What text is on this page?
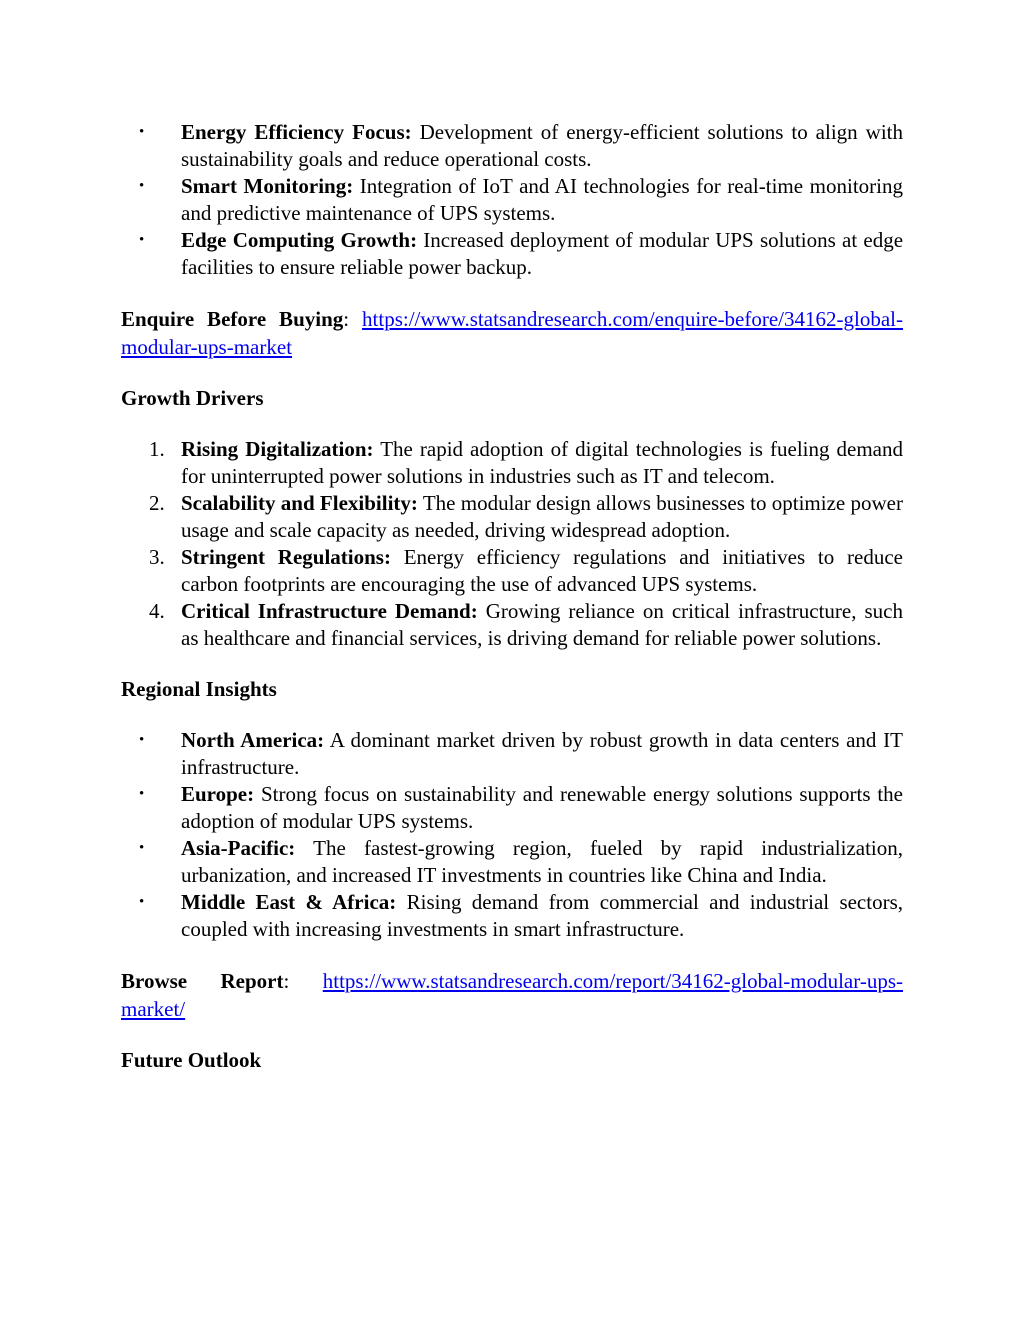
• Energy Efficiency Focus: Development of energy-efficient solutions to align with sustainability goals and reduce operational costs.
• Smart Monitoring: Integration of IoT and AI technologies for real-time monitoring and predictive maintenance of UPS systems.
• Edge Computing Growth: Increased deployment of modular UPS solutions at edge facilities to ensure reliable power backup.

Enquire Before Buying: https://www.statsandresearch.com/enquire-before/34162-global-modular-ups-market

Growth Drivers
1. Rising Digitalization: The rapid adoption of digital technologies is fueling demand for uninterrupted power solutions in industries such as IT and telecom.
2. Scalability and Flexibility: The modular design allows businesses to optimize power usage and scale capacity as needed, driving widespread adoption.
3. Stringent Regulations: Energy efficiency regulations and initiatives to reduce carbon footprints are encouraging the use of advanced UPS systems.
4. Critical Infrastructure Demand: Growing reliance on critical infrastructure, such as healthcare and financial services, is driving demand for reliable power solutions.
Regional Insights
• North America: A dominant market driven by robust growth in data centers and IT infrastructure.
• Europe: Strong focus on sustainability and renewable energy solutions supports the adoption of modular UPS systems.
• Asia-Pacific: The fastest-growing region, fueled by rapid industrialization, urbanization, and increased IT investments in countries like China and India.
• Middle East & Africa: Rising demand from commercial and industrial sectors, coupled with increasing investments in smart infrastructure.

Browse Report: https://www.statsandresearch.com/report/34162-global-modular-ups-market/

Future Outlook
